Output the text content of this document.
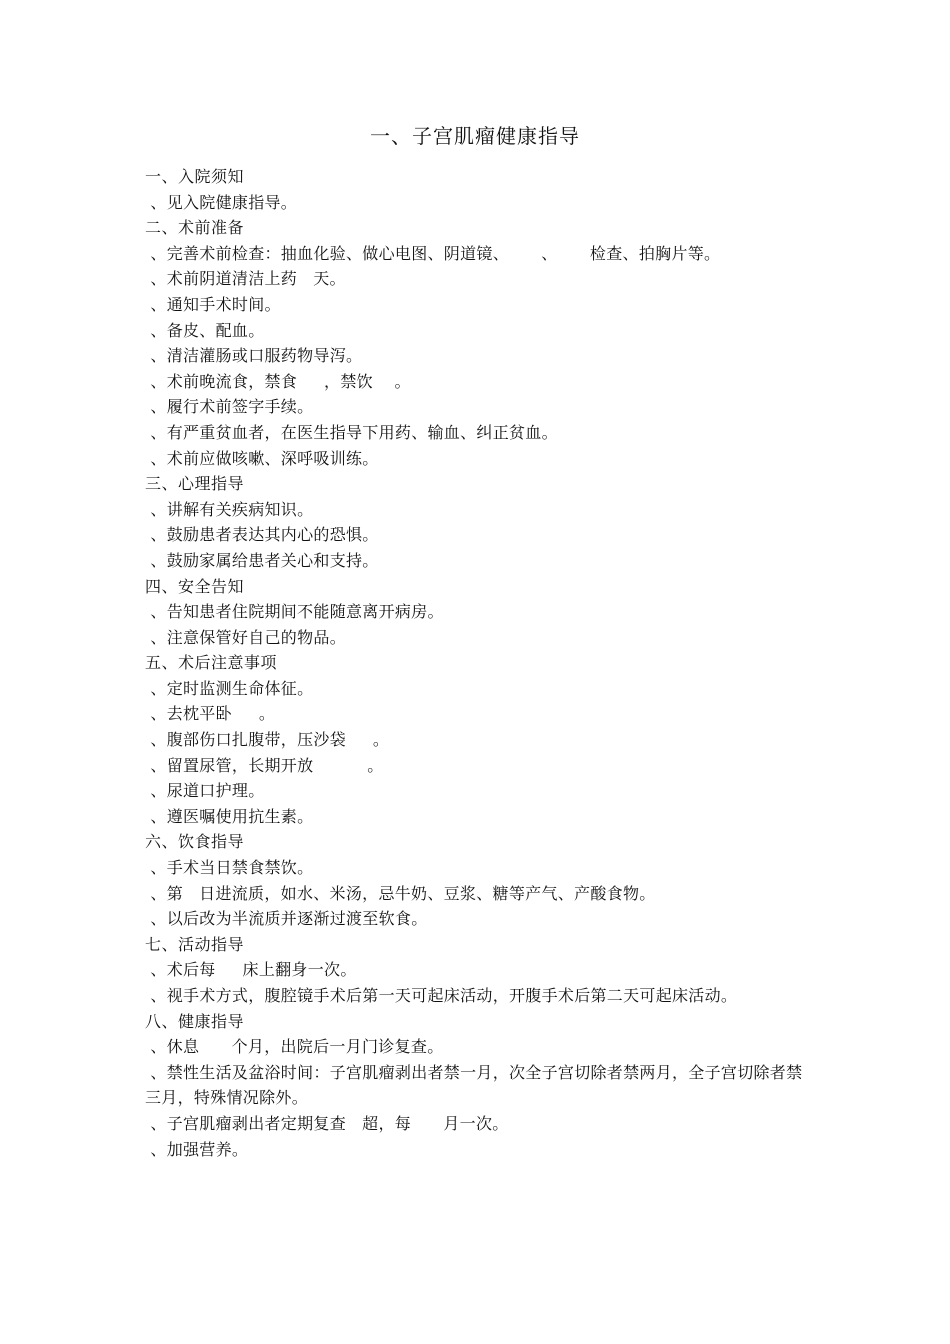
一、子宫肌瘤健康指导

一、入院须知

、见入院健康指导。

二、术前准备

、完善术前检查：抽血化验、做心电图、阴道镜、      、      检查、拍胸片等。

、术前阴道清洁上药   天。

、通知手术时间。

、备皮、配血。

、清洁灌肠或口服药物导泻。

、术前晚流食，禁食     ，禁饮    。

、履行术前签字手续。

、有严重贫血者，在医生指导下用药、输血、纠正贫血。

、术前应做咳嗽、深呼吸训练。

三、心理指导

、讲解有关疾病知识。

、鼓励患者表达其内心的恐惧。

、鼓励家属给患者关心和支持。

四、安全告知

、告知患者住院期间不能随意离开病房。

、注意保管好自己的物品。

五、术后注意事项

、定时监测生命体征。

、去枕平卧     。

、腹部伤口扎腹带，压沙袋     。

、留置尿管，长期开放          。

、尿道口护理。

、遵医嘱使用抗生素。

六、饮食指导

、手术当日禁食禁饮。

、第   日进流质，如水、米汤，忌牛奶、豆浆、糖等产气、产酸食物。

、以后改为半流质并逐渐过渡至软食。

七、活动指导

、术后每     床上翻身一次。

、视手术方式，腹腔镜手术后第一天可起床活动，开腹手术后第二天可起床活动。

八、健康指导

、休息      个月，出院后一月门诊复查。

、禁性生活及盆浴时间：子宫肌瘤剥出者禁一月，次全子宫切除者禁两月，全子宫切除者禁三月，特殊情况除外。

、子宫肌瘤剥出者定期复查   超，每      月一次。

、加强营养。
